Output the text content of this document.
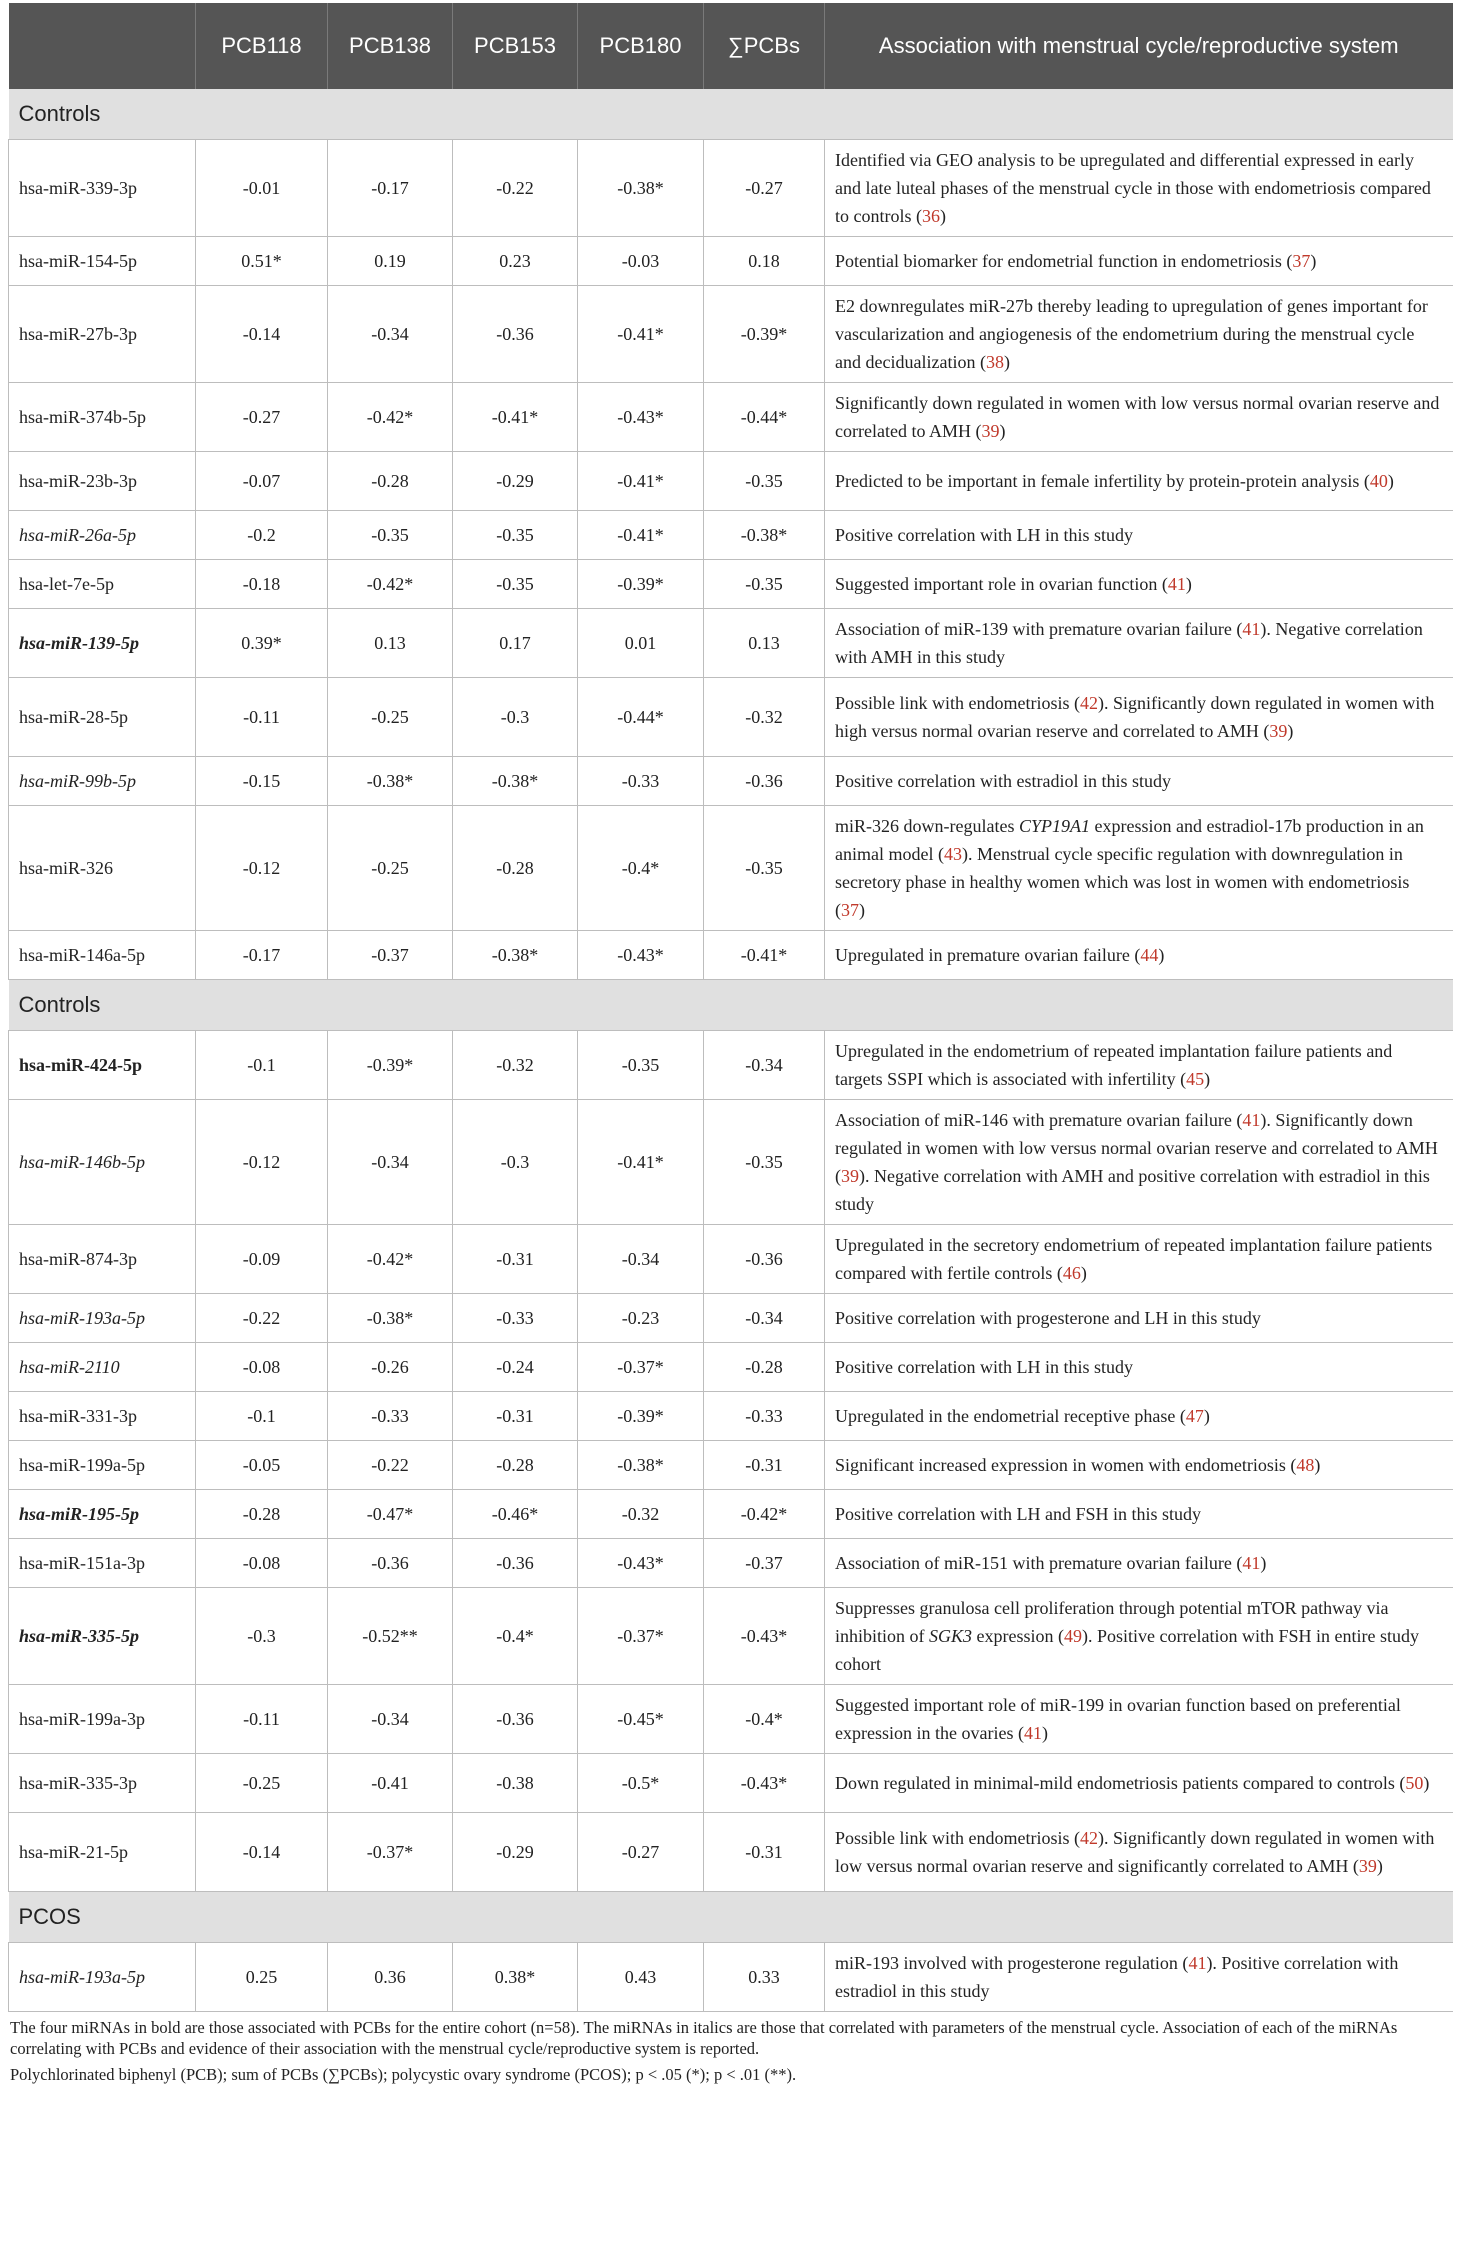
	PCB118	PCB138	PCB153	PCB180	∑PCBs	Association with menstrual cycle/reproductive system
Controls						
hsa-miR-339-3p	-0.01	-0.17	-0.22	-0.38*	-0.27	Identified via GEO analysis to be upregulated and differential expressed in early and late luteal phases of the menstrual cycle in those with endometriosis compared to controls (36)
hsa-miR-154-5p	0.51*	0.19	0.23	-0.03	0.18	Potential biomarker for endometrial function in endometriosis (37)
hsa-miR-27b-3p	-0.14	-0.34	-0.36	-0.41*	-0.39*	E2 downregulates miR-27b thereby leading to upregulation of genes important for vascularization and angiogenesis of the endometrium during the menstrual cycle and decidualization (38)
hsa-miR-374b-5p	-0.27	-0.42*	-0.41*	-0.43*	-0.44*	Significantly down regulated in women with low versus normal ovarian reserve and correlated to AMH (39)
hsa-miR-23b-3p	-0.07	-0.28	-0.29	-0.41*	-0.35	Predicted to be important in female infertility by protein-protein analysis (40)
hsa-miR-26a-5p	-0.2	-0.35	-0.35	-0.41*	-0.38*	Positive correlation with LH in this study
hsa-let-7e-5p	-0.18	-0.42*	-0.35	-0.39*	-0.35	Suggested important role in ovarian function (41)
hsa-miR-139-5p	0.39*	0.13	0.17	0.01	0.13	Association of miR-139 with premature ovarian failure (41). Negative correlation with AMH in this study
hsa-miR-28-5p	-0.11	-0.25	-0.3	-0.44*	-0.32	Possible link with endometriosis (42). Significantly down regulated in women with high versus normal ovarian reserve and correlated to AMH (39)
hsa-miR-99b-5p	-0.15	-0.38*	-0.38*	-0.33	-0.36	Positive correlation with estradiol in this study
hsa-miR-326	-0.12	-0.25	-0.28	-0.4*	-0.35	miR-326 down-regulates CYP19A1 expression and estradiol-17b production in an animal model (43). Menstrual cycle specific regulation with downregulation in secretory phase in healthy women which was lost in women with endometriosis (37)
hsa-miR-146a-5p	-0.17	-0.37	-0.38*	-0.43*	-0.41*	Upregulated in premature ovarian failure (44)
Controls						
hsa-miR-424-5p	-0.1	-0.39*	-0.32	-0.35	-0.34	Upregulated in the endometrium of repeated implantation failure patients and targets SSPI which is associated with infertility (45)
hsa-miR-146b-5p	-0.12	-0.34	-0.3	-0.41*	-0.35	Association of miR-146 with premature ovarian failure (41). Significantly down regulated in women with low versus normal ovarian reserve and correlated to AMH (39). Negative correlation with AMH and positive correlation with estradiol in this study
hsa-miR-874-3p	-0.09	-0.42*	-0.31	-0.34	-0.36	Upregulated in the secretory endometrium of repeated implantation failure patients compared with fertile controls (46)
hsa-miR-193a-5p	-0.22	-0.38*	-0.33	-0.23	-0.34	Positive correlation with progesterone and LH in this study
hsa-miR-2110	-0.08	-0.26	-0.24	-0.37*	-0.28	Positive correlation with LH in this study
hsa-miR-331-3p	-0.1	-0.33	-0.31	-0.39*	-0.33	Upregulated in the endometrial receptive phase (47)
hsa-miR-199a-5p	-0.05	-0.22	-0.28	-0.38*	-0.31	Significant increased expression in women with endometriosis (48)
hsa-miR-195-5p	-0.28	-0.47*	-0.46*	-0.32	-0.42*	Positive correlation with LH and FSH in this study
hsa-miR-151a-3p	-0.08	-0.36	-0.36	-0.43*	-0.37	Association of miR-151 with premature ovarian failure (41)
hsa-miR-335-5p	-0.3	-0.52**	-0.4*	-0.37*	-0.43*	Suppresses granulosa cell proliferation through potential mTOR pathway via inhibition of SGK3 expression (49). Positive correlation with FSH in entire study cohort
hsa-miR-199a-3p	-0.11	-0.34	-0.36	-0.45*	-0.4*	Suggested important role of miR-199 in ovarian function based on preferential expression in the ovaries (41)
hsa-miR-335-3p	-0.25	-0.41	-0.38	-0.5*	-0.43*	Down regulated in minimal-mild endometriosis patients compared to controls (50)
hsa-miR-21-5p	-0.14	-0.37*	-0.29	-0.27	-0.31	Possible link with endometriosis (42). Significantly down regulated in women with low versus normal ovarian reserve and significantly correlated to AMH (39)
PCOS						
hsa-miR-193a-5p	0.25	0.36	0.38*	0.43	0.33	miR-193 involved with progesterone regulation (41). Positive correlation with estradiol in this study
The four miRNAs in bold are those associated with PCBs for the entire cohort (n=58). The miRNAs in italics are those that correlated with parameters of the menstrual cycle. Association of each of the miRNAs correlating with PCBs and evidence of their association with the menstrual cycle/reproductive system is reported.
Polychlorinated biphenyl (PCB); sum of PCBs (∑PCBs); polycystic ovary syndrome (PCOS); p < .05 (*); p < .01 (**).
